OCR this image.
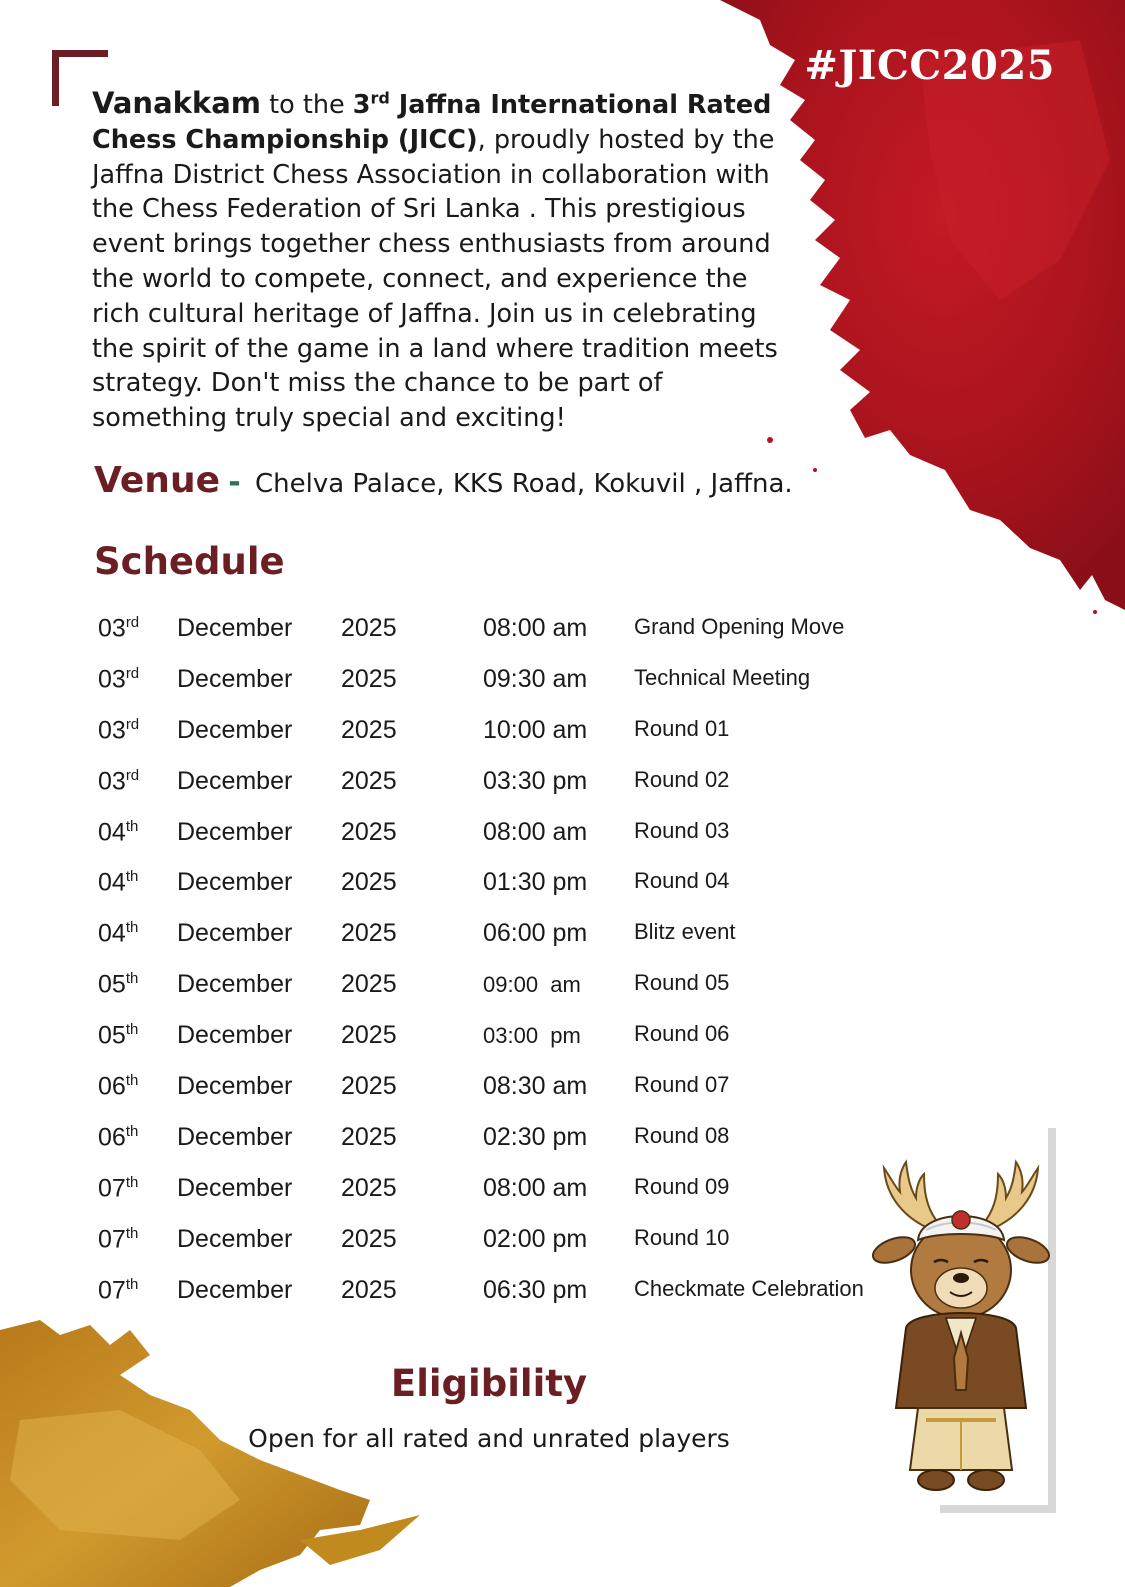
#JICC2025
Vanakkam to the 3rd Jaffna International Rated Chess Championship (JICC), proudly hosted by the Jaffna District Chess Association in collaboration with the Chess Federation of Sri Lanka . This prestigious event brings together chess enthusiasts from around the world to compete, connect, and experience the rich cultural heritage of Jaffna. Join us in celebrating the spirit of the game in a land where tradition meets strategy. Don't miss the chance to be part of something truly special and exciting!
Venue - Chelva Palace, KKS Road, Kokuvil , Jaffna.
Schedule
03rd December 2025	08:00 am Grand Opening Move
03rd December 2025	09:30 am Technical Meeting
03rd December 2025	10:00 am Round 01
03rd December 2025	03:30 pm Round 02
04th December 2025	08:00 am Round 03
04th December 2025	01:30 pm Round 04
04th December 2025	06:00 pm Blitz event
05th December 2025	09:00  am Round 05
05th December 2025	03:00  pm Round 06
06th December 2025	08:30 am Round 07
06th December 2025	02:30 pm Round 08
07th December 2025	08:00 am Round 09
07th December 2025	02:00 pm Round 10
07th December 2025	06:30 pm Checkmate Celebration
Eligibility
Open for all rated and unrated players
